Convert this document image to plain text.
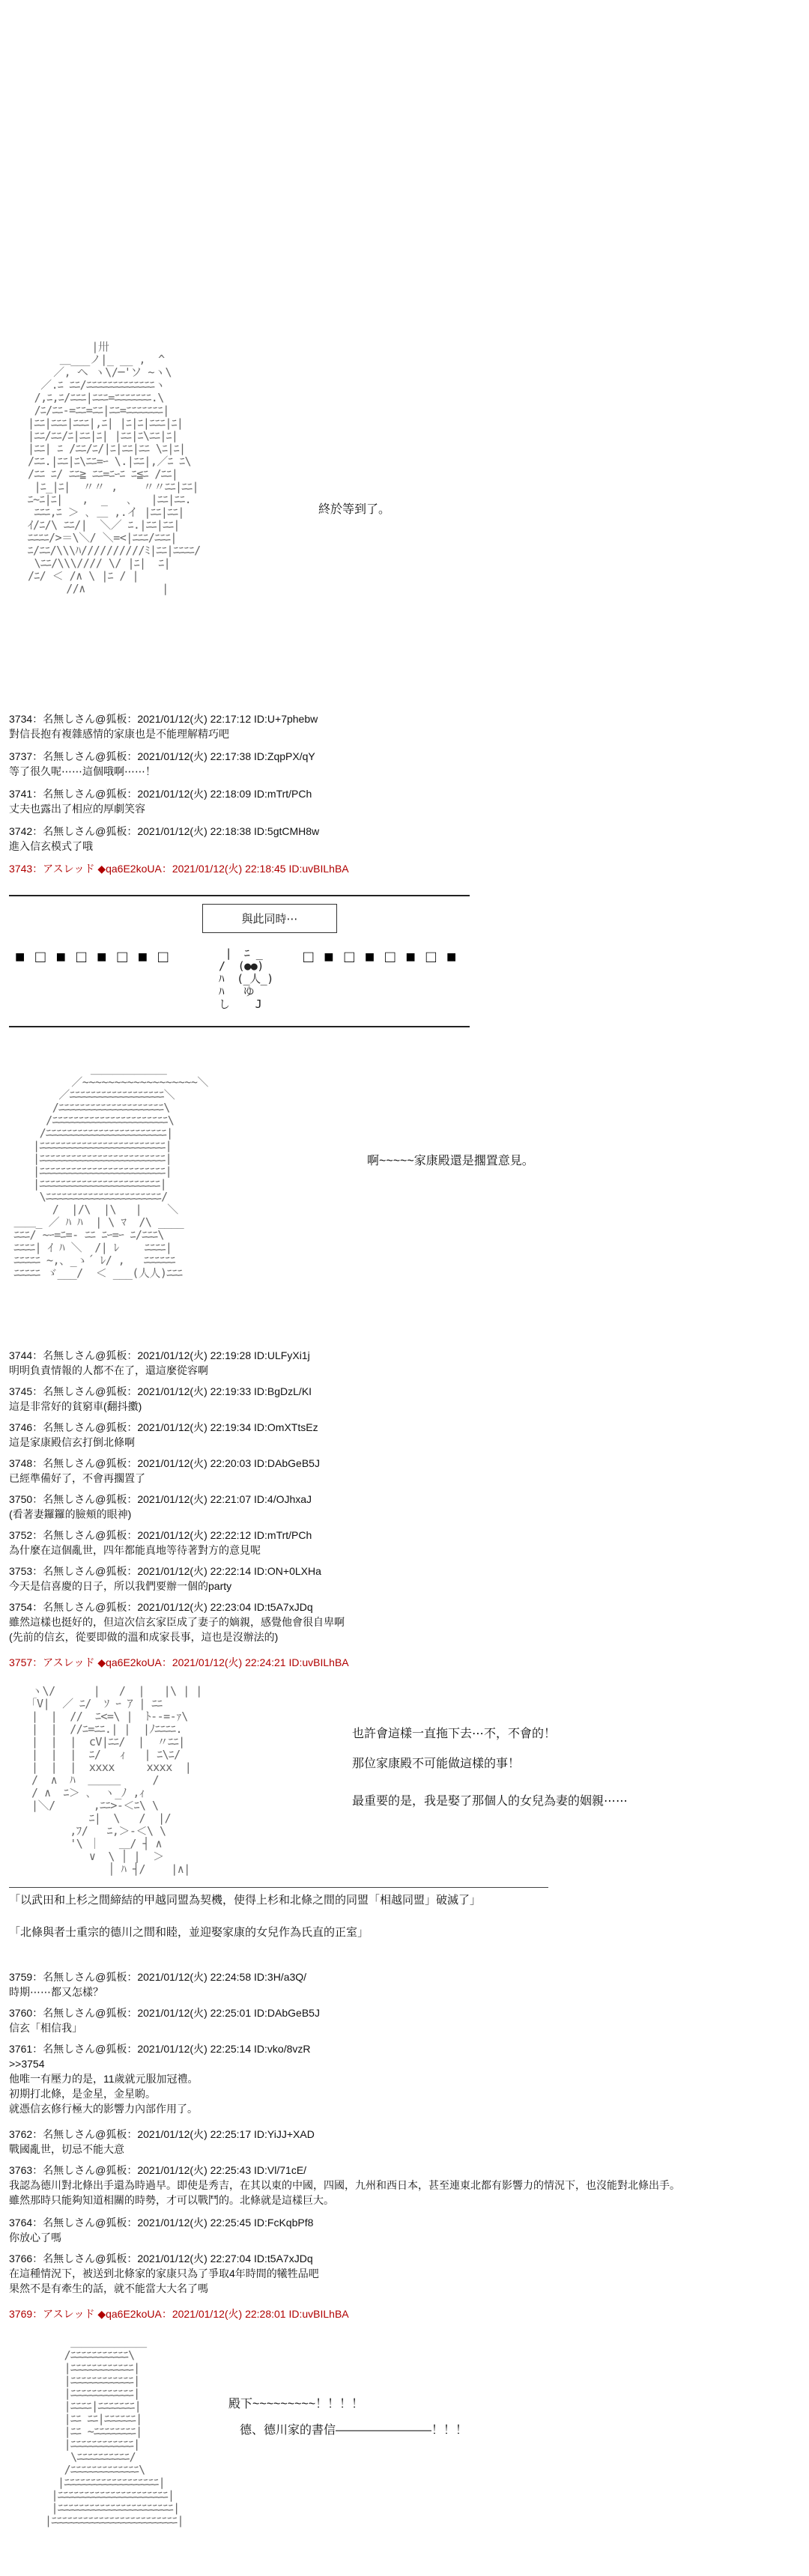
|卅
＿___ノ|_ __ ,  ^
／, ヘ ヽ\/─'ソ ~ヽ\
／.ﾆ ﾆﾆ/ﾆﾆﾆﾆﾆﾆﾆﾆﾆﾆﾆﾆﾆヽ
/,ﾆ,ﾆ/ﾆﾆﾆ|ﾆﾆﾆ=ﾆﾆﾆﾆﾆﾆﾆ.\
/ﾆ/ﾆﾆ-=ﾆﾆ=ﾆﾆ|ﾆﾆ=ﾆﾆﾆﾆﾆﾆﾆ|
|ﾆﾆ|ﾆﾆﾆ|ﾆﾆﾆ|,ﾆ| |ﾆ|ﾆ|ﾆﾆﾆ|ﾆ|
|ﾆﾆ/ﾆﾆ/ﾆ|ﾆﾆ|ﾆ| |ﾆﾆ|ﾆ\ﾆﾆ|ﾆ|
|ﾆﾆ| ﾆ /ﾆﾆ/ﾆ/|ﾆ|ﾆﾆ|ﾆﾆ \ﾆ|ﾆ|
/ﾆﾆ.|ﾆﾆ|ﾆ\ﾆﾆ=ｰ \.|ﾆﾆ|,／ﾆ ﾆ\
/ﾆﾆ ﾆ/ ﾆﾆ≧ ﾆﾆ=ﾆｰﾆ ﾆ≦ﾆ /ﾆﾆ|
|ﾆ_|ﾆ|  〃〃 ,    〃〃ﾆﾆ|ﾆﾆ|
ﾆ~ﾆ|ﾆ|   ,  _   ､   |ﾆﾆ|ﾆﾆ.
ﾆﾆﾆ,ﾆ ＞ ､ ＿ ,.イ |ﾆﾆ|ﾆﾆ|
ｲ/ﾆ/\ ﾆﾆ/|  ＼／ ﾆ.|ﾆﾆ|ﾆﾆ|
ﾆﾆﾆﾆ/>＝\＼/ ＼=<|ﾆﾆﾆ/ﾆﾆﾆ|
ﾆ/ﾆﾆ/\\\ﾊ//////////ﾐ|ﾆﾆ|ﾆﾆﾆﾆ/
\ﾆﾆ/\\\//// \/ |ﾆ|  ﾆ|
/ﾆ/ ＜ /∧ \ |ﾆ / |
//∧            |
終於等到了。
3734：名無しさん@狐板：2021/01/12(火) 22:17:12 ID:U+7phebw
對信長抱有複雜感情的家康也是不能理解精巧吧
3737：名無しさん@狐板：2021/01/12(火) 22:17:38 ID:ZqpPX/qY
等了很久呢⋯⋯這個哦啊⋯⋯！
3741：名無しさん@狐板：2021/01/12(火) 22:18:09 ID:mTrt/PCh
丈夫也露出了相应的厚劇笑容
3742：名無しさん@狐板：2021/01/12(火) 22:18:38 ID:5gtCMH8w
進入信玄模式了哦
3743：アスレッド ◆qa6E2koUA：2021/01/12(火) 22:18:45 ID:uvBILhBA
與此同時⋯
■□■□■□■□	|  ﾆ _
/  (●●)
ﾊ  (_人_)
ﾊ   ゆ
し    J
□■□■□■□■
＿＿＿＿＿＿＿
／~~~~~~~~~~~~~~~~~~＼
／ﾆﾆﾆﾆﾆﾆﾆﾆﾆﾆﾆﾆﾆﾆﾆﾆﾆﾆ＼
/ﾆﾆﾆﾆﾆﾆﾆﾆﾆﾆﾆﾆﾆﾆﾆﾆﾆﾆﾆﾆ\
/ﾆﾆﾆﾆﾆﾆﾆﾆﾆﾆﾆﾆﾆﾆﾆﾆﾆﾆﾆﾆﾆﾆ\
/ﾆﾆﾆﾆﾆﾆﾆﾆﾆﾆﾆﾆﾆﾆﾆﾆﾆﾆﾆﾆﾆﾆﾆ|
|ﾆﾆﾆﾆﾆﾆﾆﾆﾆﾆﾆﾆﾆﾆﾆﾆﾆﾆﾆﾆﾆﾆﾆﾆ|
|ﾆﾆﾆﾆﾆﾆﾆﾆﾆﾆﾆﾆﾆﾆﾆﾆﾆﾆﾆﾆﾆﾆﾆﾆ|
|ﾆﾆﾆﾆﾆﾆﾆﾆﾆﾆﾆﾆﾆﾆﾆﾆﾆﾆﾆﾆﾆﾆﾆﾆ|
|ﾆﾆﾆﾆﾆﾆﾆﾆﾆﾆﾆﾆﾆﾆﾆﾆﾆﾆﾆﾆﾆﾆﾆ|
\ﾆﾆﾆﾆﾆﾆﾆﾆﾆﾆﾆﾆﾆﾆﾆﾆﾆﾆﾆﾆﾆﾆ/
/  |/\  |\   |    ＼
＿＿_ ／ ﾊ ﾊ  | \ ﾏ  /\ ____
ﾆﾆﾆ/ ~ｰ=ﾆ=‐ ﾆﾆ ﾆｰ=ｰ ﾆ/ﾆﾆﾆ\
ﾆﾆﾆﾆ| ｲ ﾊ ＼  /| ﾚ    ﾆﾆﾆﾆ|
ﾆﾆﾆﾆﾆ ~,、_ゝ´ ﾚ/ ,   ﾆﾆﾆﾆﾆﾆ
ﾆﾆﾆﾆﾆ ゞ___/  ＜ ___(人人)ﾆﾆﾆ
啊~~~~~家康殿還是擱置意見。
3744：名無しさん@狐板：2021/01/12(火) 22:19:28 ID:ULFyXi1j
明明負責情報的人都不在了，還這麼從容啊
3745：名無しさん@狐板：2021/01/12(火) 22:19:33 ID:BgDzL/KI
這是非常好的貧窮車(翻抖擻)
3746：名無しさん@狐板：2021/01/12(火) 22:19:34 ID:OmXTtsEz
這是家康殿信玄打倒北條啊
3748：名無しさん@狐板：2021/01/12(火) 22:20:03 ID:DAbGeB5J
已經準備好了，不會再擱置了
3750：名無しさん@狐板：2021/01/12(火) 22:21:07 ID:4/OJhxaJ
(看著妻鑼鑼的臉頰的眼神)
3752：名無しさん@狐板：2021/01/12(火) 22:22:12 ID:mTrt/PCh
為什麼在這個亂世，四年都能真地等待著對方的意見呢
3753：名無しさん@狐板：2021/01/12(火) 22:22:14 ID:ON+0LXHa
今天是信喜慶的日子，所以我們要辦一個的party
3754：名無しさん@狐板：2021/01/12(火) 22:23:04 ID:t5A7xJDq
雖然這樣也挺好的，但這次信玄家臣成了妻子的嫡親，感覺他會很自卑啊
(先前的信玄，從要即做的溫和成家長事，這也是沒辦法的)
3757：アスレッド ◆qa6E2koUA：2021/01/12(火) 22:24:21 ID:uvBILhBA
ヽ\/      |   /  |   |\ | |
｢V|  ／ ﾆ/  ｿ ｰ ｱ | ﾆﾆ
|  |  //  ﾆ<=\ |  ﾄ‐-=-ｧ\
|  |  //ﾆ=ﾆﾆ.| |  |ﾉﾆﾆﾆﾆ.
|  |  |  cV|ﾆﾆ/  |  〃ﾆﾆ|
|  |  |  ﾆ/   ｨ   | ﾆ\ﾆ/
|  |  |  xxxx     xxxx  |
/  ∧  ﾊ  ＿＿＿     /
/ ∧  ﾆ＞ ､  ヽ_ﾉ ,ｨ
|＼/      ,ﾆﾆ>‐＜ﾆ\ \
ﾆ|  \   /  |/
,ﾌ/   ﾆ,＞‐＜\ \
'\ ｜   ＿/ ┤ ∧
∨  \ │ |  ＞
│ ﾊ ┤/    |∧|
也許會這樣一直拖下去⋯不，不會的！
那位家康殿不可能做這樣的事！
最重要的是，我是娶了那個人的女兒為妻的姻親⋯⋯
「以武田和上杉之間締結的甲越同盟為契機，使得上杉和北條之間的同盟「相越同盟」破滅了」
「北條與者士重宗的德川之間和睦，並迎娶家康的女兒作為氏直的正室」
3759：名無しさん@狐板：2021/01/12(火) 22:24:58 ID:3H/a3Q/
時期⋯⋯都又怎樣？
3760：名無しさん@狐板：2021/01/12(火) 22:25:01 ID:DAbGeB5J
信玄「相信我」
3761：名無しさん@狐板：2021/01/12(火) 22:25:14 ID:vko/8vzR
>>3754
他唯一有壓力的是，11歲就元服加冠禮。
初期打北條，是金星，金星喲。
就憑信玄修行極大的影響力內部作用了。
3762：名無しさん@狐板：2021/01/12(火) 22:25:17 ID:YiJJ+XAD
戰國亂世，切忌不能大意
3763：名無しさん@狐板：2021/01/12(火) 22:25:43 ID:Vl/71cE/
我認為德川對北條出手還為時過早。即使是秀吉，在其以東的中國，四國，九州和西日本，甚至連東北都有影響力的情況下，也沒能對北條出手。
雖然那時只能夠知道相關的時勢，才可以戰鬥的。北條就是這樣巨大。
3764：名無しさん@狐板：2021/01/12(火) 22:25:45 ID:FcKqbPf8
你放心了嗎
3766：名無しさん@狐板：2021/01/12(火) 22:27:04 ID:t5A7xJDq
在這種情況下，被送到北條家的家康只為了爭取4年時間的犧牲品吧
果然不是有牽生的話，就不能當大大名了嗎
3769：アスレッド ◆qa6E2koUA：2021/01/12(火) 22:28:01 ID:uvBILhBA
＿＿＿＿＿＿＿
/ﾆﾆﾆﾆﾆﾆﾆﾆﾆﾆﾆ\
|ﾆﾆﾆﾆﾆﾆﾆﾆﾆﾆﾆﾆ|
|ﾆﾆﾆﾆﾆﾆﾆﾆﾆﾆﾆﾆ|
|ﾆﾆﾆﾆﾆﾆﾆﾆﾆﾆﾆﾆ|
|ﾆﾆﾆﾆ|ﾆﾆﾆﾆﾆﾆﾆ|
|ﾆﾆ ﾆﾆ|ﾆﾆﾆﾆﾆﾆ|
|ﾆﾆ ~ﾆﾆﾆﾆﾆﾆﾆﾆ|
|ﾆﾆﾆﾆﾆﾆﾆﾆﾆﾆﾆﾆ|
\ﾆﾆﾆﾆﾆﾆﾆﾆﾆﾆ/
/ﾆﾆﾆﾆﾆﾆﾆﾆﾆﾆﾆﾆﾆ\
|ﾆﾆﾆﾆﾆﾆﾆﾆﾆﾆﾆﾆﾆﾆﾆﾆﾆﾆ|
|ﾆﾆﾆﾆﾆﾆﾆﾆﾆﾆﾆﾆﾆﾆﾆﾆﾆﾆﾆﾆﾆ|
|ﾆﾆﾆﾆﾆﾆﾆﾆﾆﾆﾆﾆﾆﾆﾆﾆﾆﾆﾆﾆﾆﾆ|
|ﾆﾆﾆﾆﾆﾆﾆﾆﾆﾆﾆﾆﾆﾆﾆﾆﾆﾆﾆﾆﾆﾆﾆﾆ|
殿下~~~~~~~~~！！！！
德、德川家的書信――――――――！！！
